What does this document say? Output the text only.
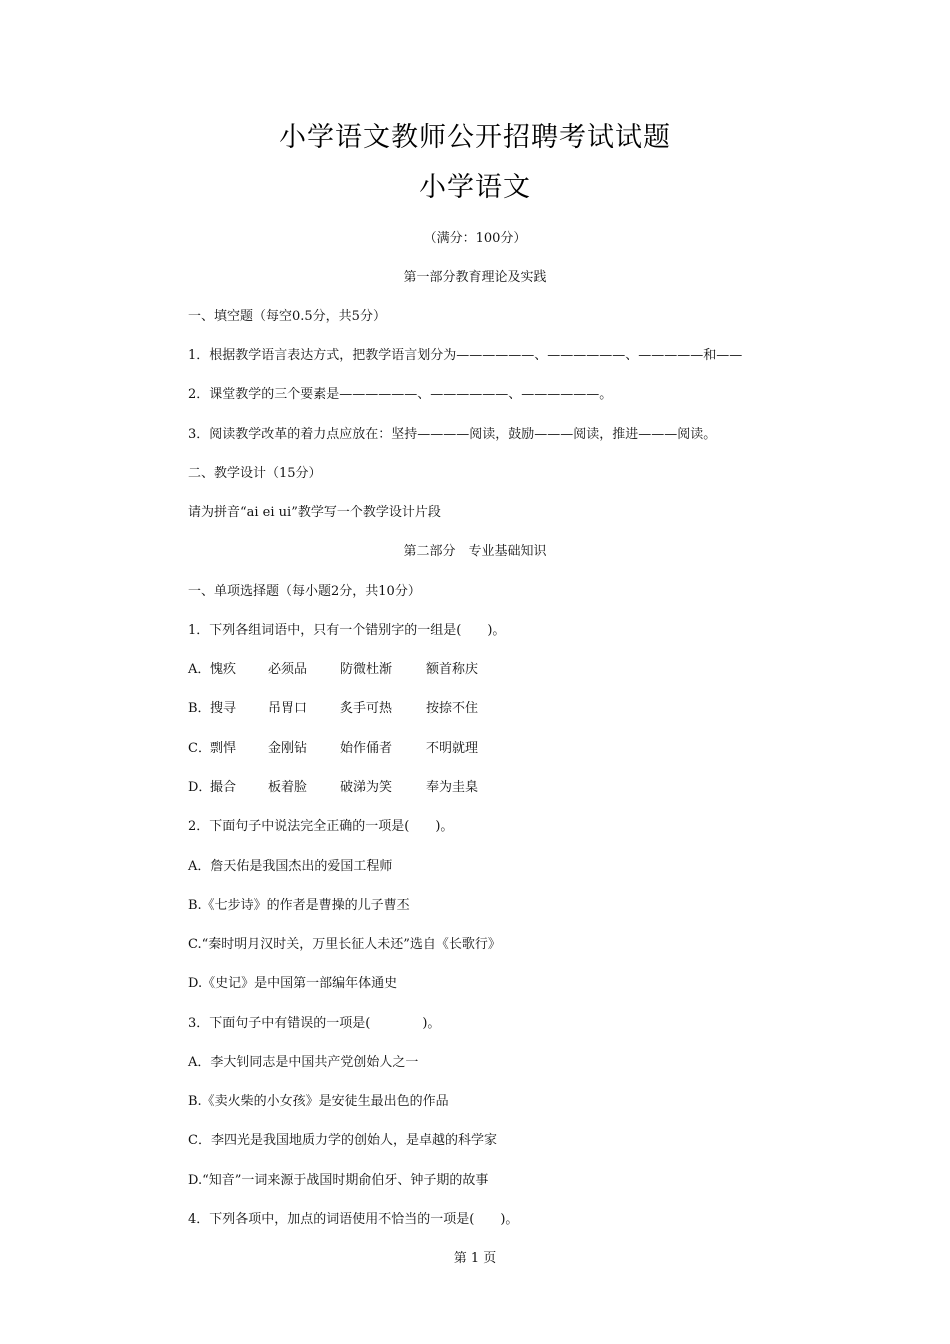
小学语文教师公开招聘考试试题
小学语文
（满分：100分）
第一部分教育理论及实践
一、填空题（每空0.5分，共5分）
1．根据教学语言表达方式，把教学语言划分为——————、——————、—————和——
2．课堂教学的三个要素是——————、——————、——————。
3．阅读教学改革的着力点应放在：坚持————阅读，鼓励———阅读，推进———阅读。
二、教学设计（15分）
请为拼音“ai ei ui”教学写一个教学设计片段
第二部分　专业基础知识
一、单项选择题（每小题2分，共10分）
1．下列各组词语中，只有一个错别字的一组是(　　)。
A．愧疚 必须品	防微杜渐	额首称庆
B．搜寻 吊胃口	炙手可热	按捺不住
C．剽悍 金刚钻	始作俑者	不明就理
D．撮合 板着脸	破涕为笑	奉为圭臬
2．下面句子中说法完全正确的一项是(　　)。
A．詹天佑是我国杰出的爱国工程师
B.《七步诗》的作者是曹操的儿子曹丕
C.“秦时明月汉时关，万里长征人未还”选自《长歌行》
D.《史记》是中国第一部编年体通史
3．下面句子中有错误的一项是(　　　　)。
A．李大钊同志是中国共产党创始人之一
B.《卖火柴的小女孩》是安徒生最出色的作品
C．李四光是我国地质力学的创始人，是卓越的科学家
D.“知音”一词来源于战国时期俞伯牙、钟子期的故事
4．下列各项中，加点的词语使用不恰当的一项是(　　)。
第 1 页
